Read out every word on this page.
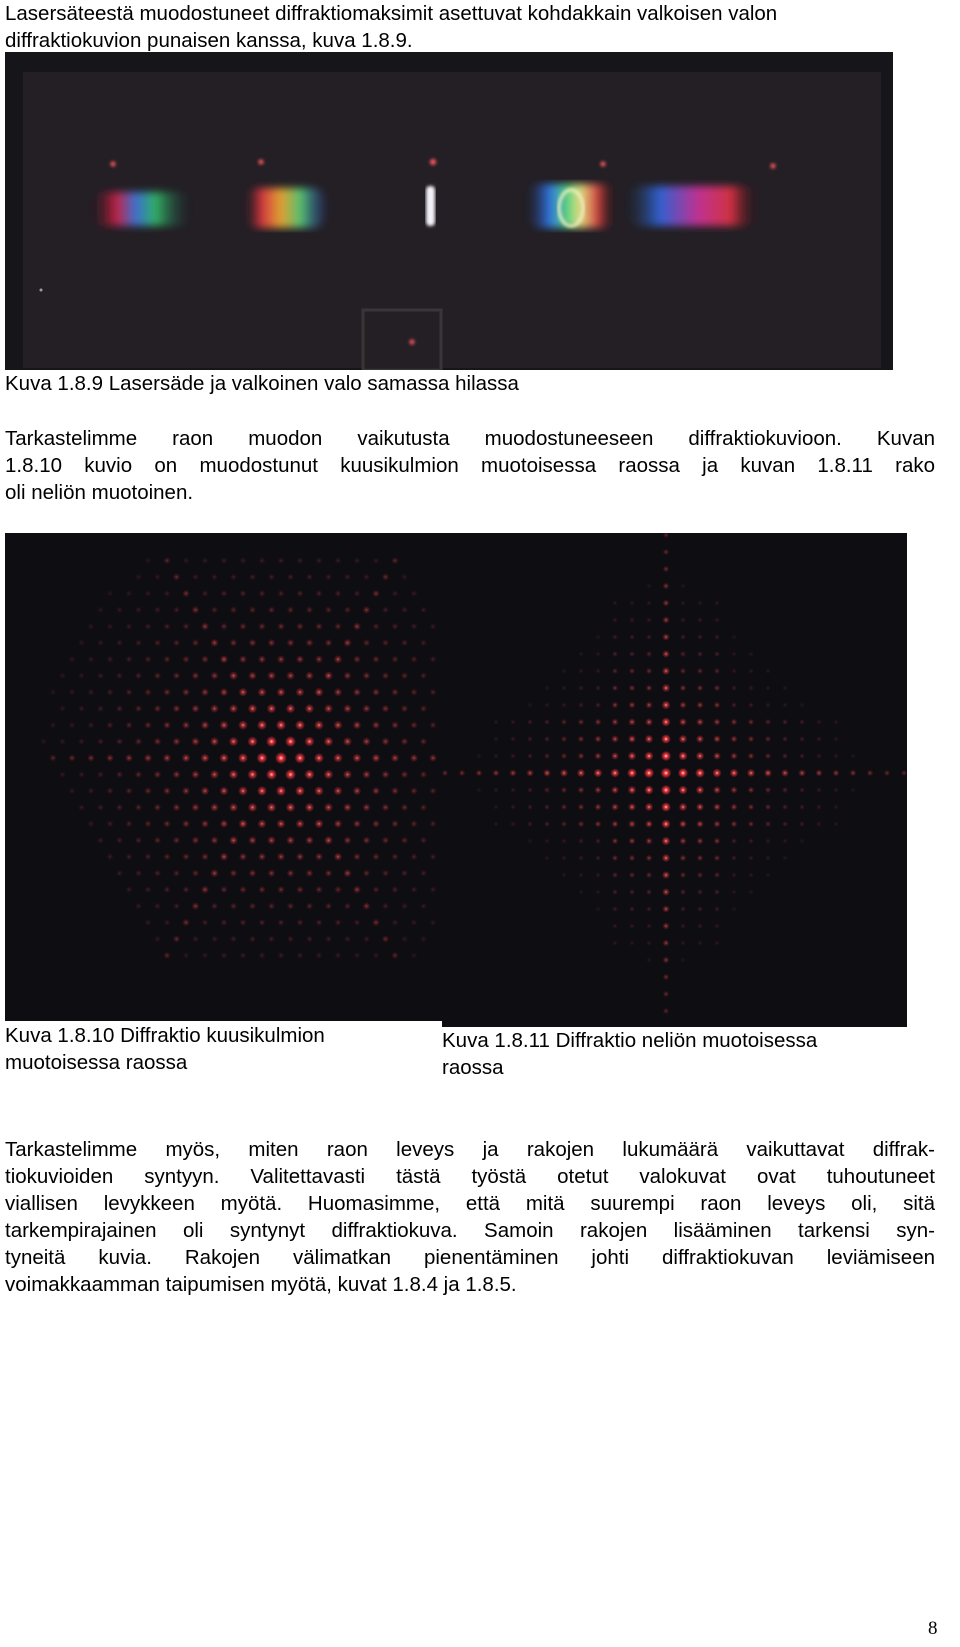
Lasersäteestä muodostuneet diffraktiomaksimit asettuvat kohdakkain valkoisen valon
diffraktiokuvion punaisen kanssa, kuva 1.8.9.

Kuva 1.8.9 Lasersäde ja valkoinen valo samassa hilassa

Tarkastelimme raon muodon vaikutusta muodostuneeseen diffraktiokuvioon. Kuvan
1.8.10 kuvio on muodostunut kuusikulmion muotoisessa raossa ja kuvan 1.8.11 rako
oli neliön muotoinen.

Kuva 1.8.10 Diffraktio kuusikulmion
muotoisessa raossa

Kuva 1.8.11 Diffraktio neliön muotoisessa
raossa

Tarkastelimme myös, miten raon leveys ja rakojen lukumäärä vaikuttavat diffrak-
tiokuvioiden syntyyn. Valitettavasti tästä työstä otetut valokuvat ovat tuhoutuneet
viallisen levykkeen myötä. Huomasimme, että mitä suurempi raon leveys oli, sitä
tarkempirajainen oli syntynyt diffraktiokuva. Samoin rakojen lisääminen tarkensi syn-
tyneitä kuvia. Rakojen välimatkan pienentäminen johti diffraktiokuvan leviämiseen
voimakkaamman taipumisen myötä, kuvat 1.8.4 ja 1.8.5.
8
